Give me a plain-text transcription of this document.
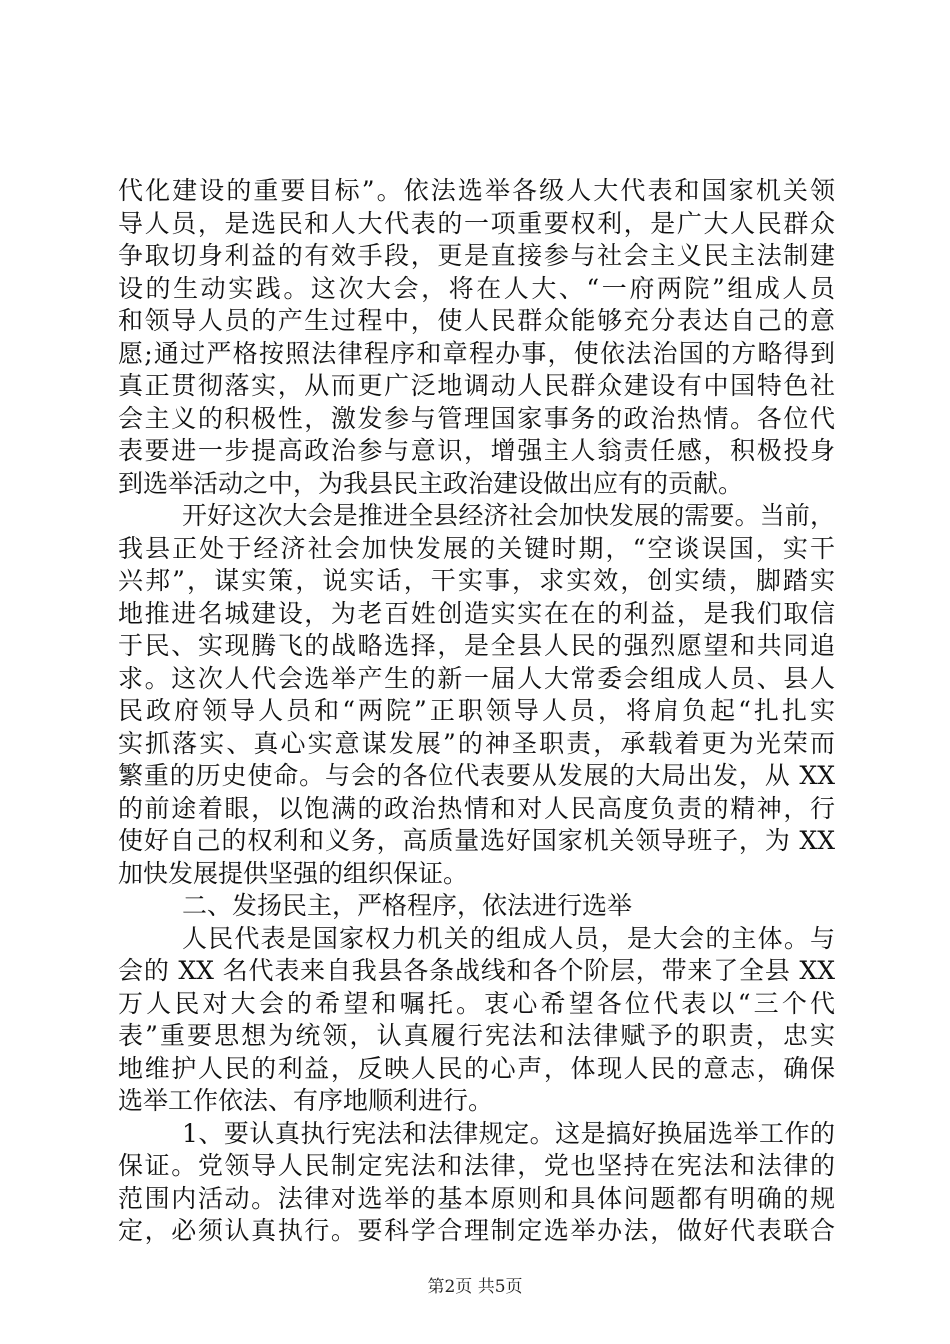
代化建设的重要目标”。依法选举各级人大代表和国家机关领
导人员，是选民和人大代表的一项重要权利，是广大人民群众
争取切身利益的有效手段，更是直接参与社会主义民主法制建
设的生动实践。这次大会，将在人大、“一府两院”组成人员
和领导人员的产生过程中，使人民群众能够充分表达自己的意
愿;通过严格按照法律程序和章程办事，使依法治国的方略得到
真正贯彻落实，从而更广泛地调动人民群众建设有中国特色社
会主义的积极性，激发参与管理国家事务的政治热情。各位代
表要进一步提高政治参与意识，增强主人翁责任感，积极投身
到选举活动之中，为我县民主政治建设做出应有的贡献。
开好这次大会是推进全县经济社会加快发展的需要。当前，
我县正处于经济社会加快发展的关键时期，“空谈误国，实干
兴邦”，谋实策，说实话，干实事，求实效，创实绩，脚踏实
地推进名城建设，为老百姓创造实实在在的利益，是我们取信
于民、实现腾飞的战略选择，是全县人民的强烈愿望和共同追
求。这次人代会选举产生的新一届人大常委会组成人员、县人
民政府领导人员和“两院”正职领导人员，将肩负起“扎扎实
实抓落实、真心实意谋发展”的神圣职责，承载着更为光荣而
繁重的历史使命。与会的各位代表要从发展的大局出发，从 XX
的前途着眼，以饱满的政治热情和对人民高度负责的精神，行
使好自己的权利和义务，高质量选好国家机关领导班子，为 XX
加快发展提供坚强的组织保证。
二、发扬民主，严格程序，依法进行选举
人民代表是国家权力机关的组成人员，是大会的主体。与
会的 XX 名代表来自我县各条战线和各个阶层，带来了全县 XX
万人民对大会的希望和嘱托。衷心希望各位代表以“三个代
表”重要思想为统领，认真履行宪法和法律赋予的职责，忠实
地维护人民的利益，反映人民的心声，体现人民的意志，确保
选举工作依法、有序地顺利进行。
1、要认真执行宪法和法律规定。这是搞好换届选举工作的
保证。党领导人民制定宪法和法律，党也坚持在宪法和法律的
范围内活动。法律对选举的基本原则和具体问题都有明确的规
定，必须认真执行。要科学合理制定选举办法，做好代表联合
第2页 共5页
